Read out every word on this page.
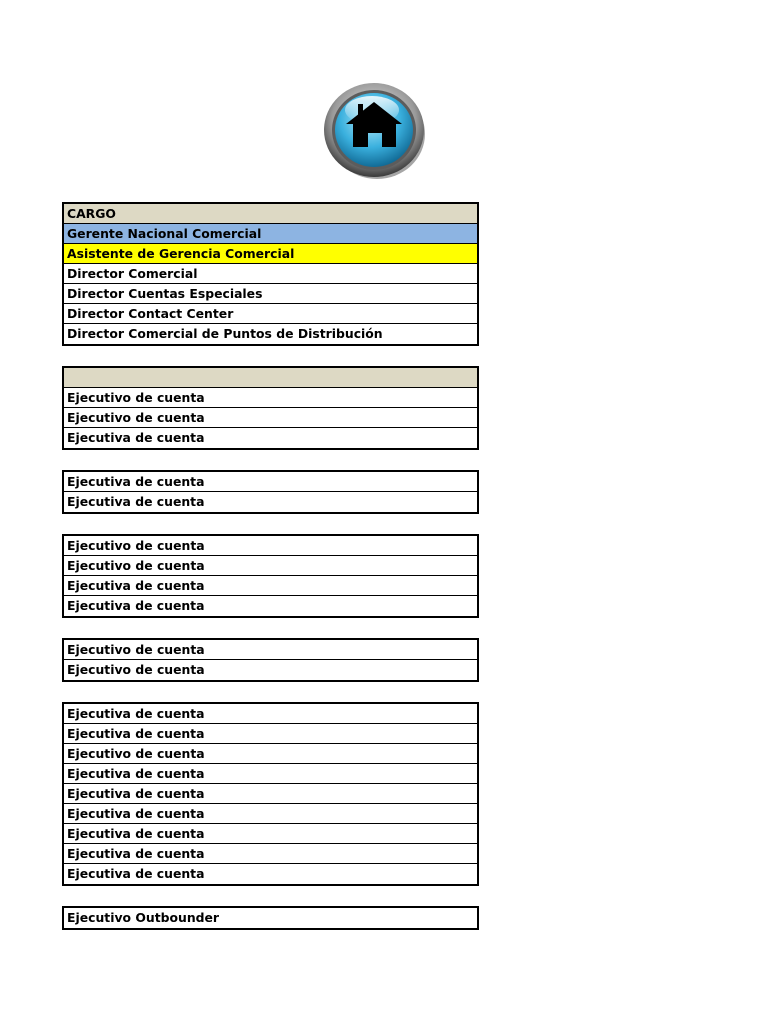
CARGO
Gerente Nacional Comercial
Asistente de Gerencia Comercial
Director Comercial
Director Cuentas Especiales
Director Contact Center
Director Comercial de Puntos de Distribución
Ejecutivo de cuenta
Ejecutivo de cuenta
Ejecutiva de cuenta
Ejecutiva de cuenta
Ejecutiva de cuenta
Ejecutivo de cuenta
Ejecutivo de cuenta
Ejecutiva de cuenta
Ejecutiva de cuenta
Ejecutivo de cuenta
Ejecutivo de cuenta
Ejecutiva de cuenta
Ejecutiva de cuenta
Ejecutivo de cuenta
Ejecutiva de cuenta
Ejecutiva de cuenta
Ejecutiva de cuenta
Ejecutiva de cuenta
Ejecutiva de cuenta
Ejecutiva de cuenta
Ejecutivo Outbounder
